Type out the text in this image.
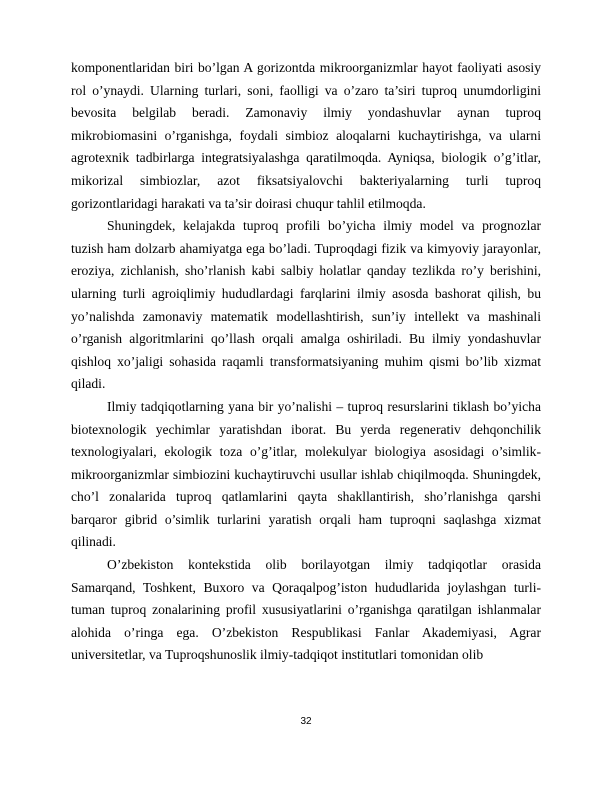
komponentlaridan biri bo’lgan A gorizontda mikroorganizmlar hayot faoliyati asosiy rol o’ynaydi. Ularning turlari, soni, faolligi va o’zaro ta’siri tuproq unumdorligini bevosita belgilab beradi. Zamonaviy ilmiy yondashuvlar aynan tuproq mikrobiomasini o’rganishga, foydali simbioz aloqalarni kuchaytirishga, va ularni agrotexnik tadbirlarga integratsiyalashga qaratilmoqda. Ayniqsa, biologik o’g’itlar, mikorizal simbiozlar, azot fiksatsiyalovchi bakteriyalarning turli tuproq gorizontlaridagi harakati va ta’sir doirasi chuqur tahlil etilmoqda.

Shuningdek, kelajakda tuproq profili bo’yicha ilmiy model va prognozlar tuzish ham dolzarb ahamiyatga ega bo’ladi. Tuproqdagi fizik va kimyoviy jarayonlar, eroziya, zichlanish, sho’rlanish kabi salbiy holatlar qanday tezlikda ro’y berishini, ularning turli agroiqlimiy hududlardagi farqlarini ilmiy asosda bashorat qilish, bu yo’nalishda zamonaviy matematik modellashtirish, sun’iy intellekt va mashinali o’rganish algoritmlarini qo’llash orqali amalga oshiriladi. Bu ilmiy yondashuvlar qishloq xo’jaligi sohasida raqamli transformatsiyaning muhim qismi bo’lib xizmat qiladi.

Ilmiy tadqiqotlarning yana bir yo’nalishi – tuproq resurslarini tiklash bo’yicha biotexnologik yechimlar yaratishdan iborat. Bu yerda regenerativ dehqonchilik texnologiyalari, ekologik toza o’g’itlar, molekulyar biologiya asosidagi o’simlik-mikroorganizmlar simbiozini kuchaytiruvchi usullar ishlab chiqilmoqda. Shuningdek, cho’l zonalarida tuproq qatlamlarini qayta shakllantirish, sho’rlanishga qarshi barqaror gibrid o’simlik turlarini yaratish orqali ham tuproqni saqlashga xizmat qilinadi.

O’zbekiston kontekstida olib borilayotgan ilmiy tadqiqotlar orasida Samarqand, Toshkent, Buxoro va Qoraqalpog’iston hududlarida joylashgan turli-tuman tuproq zonalarining profil xususiyatlarini o’rganishga qaratilgan ishlanmalar alohida o’ringa ega. O’zbekiston Respublikasi Fanlar Akademiyasi, Agrar universitetlar, va Tuproqshunoslik ilmiy-tadqiqot institutlari tomonidan olib

32
